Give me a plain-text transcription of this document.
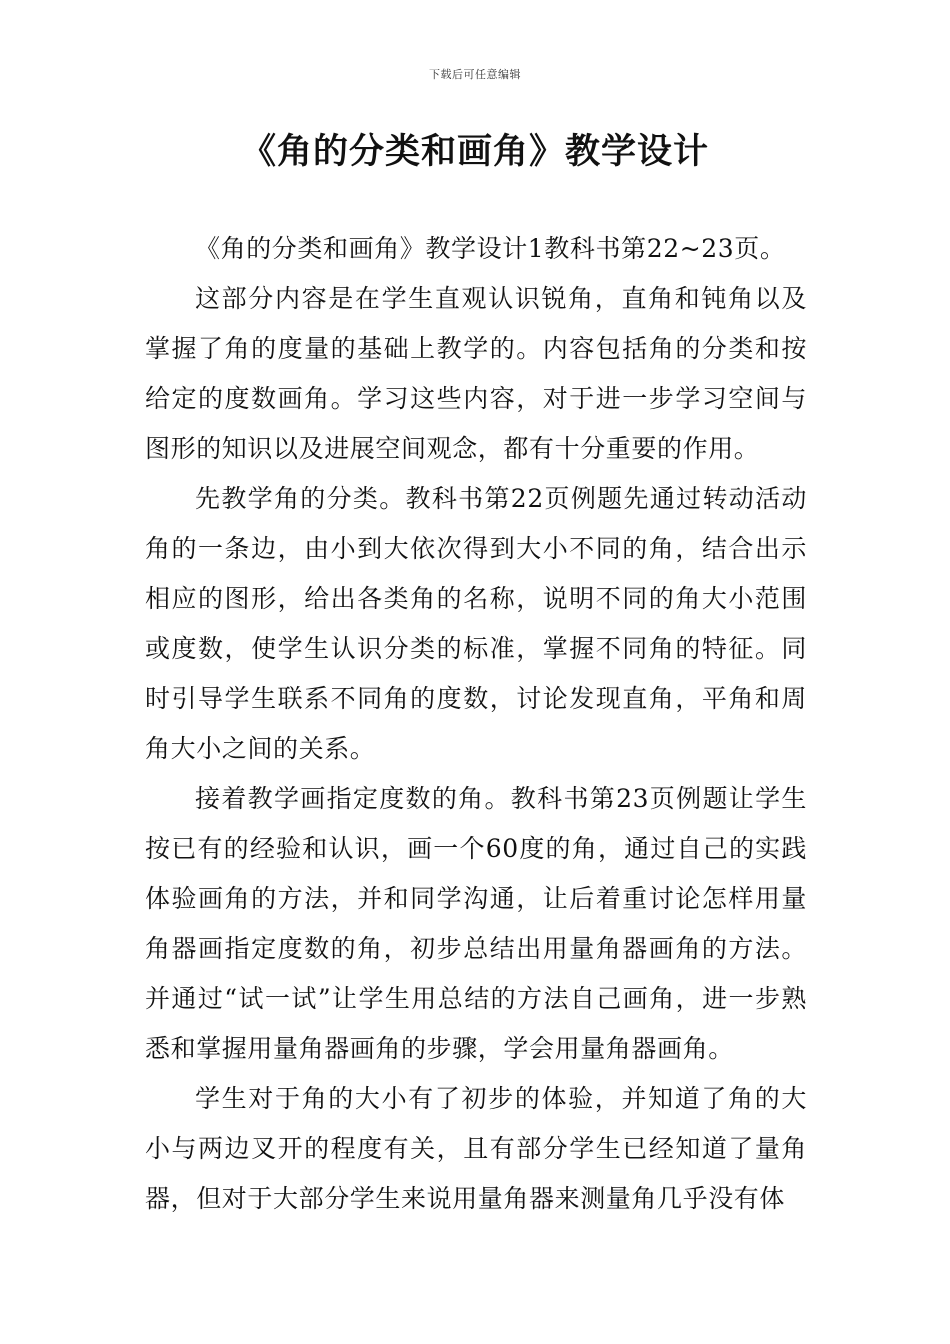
下载后可任意编辑
《角的分类和画角》教学设计

《角的分类和画角》教学设计1教科书第22~23页。

这部分内容是在学生直观认识锐角，直角和钝角以及掌握了角的度量的基础上教学的。内容包括角的分类和按给定的度数画角。学习这些内容，对于进一步学习空间与图形的知识以及进展空间观念，都有十分重要的作用。

先教学角的分类。教科书第22页例题先通过转动活动角的一条边，由小到大依次得到大小不同的角，结合出示相应的图形，给出各类角的名称，说明不同的角大小范围或度数，使学生认识分类的标准，掌握不同角的特征。同时引导学生联系不同角的度数，讨论发现直角，平角和周角大小之间的关系。

接着教学画指定度数的角。教科书第23页例题让学生按已有的经验和认识，画一个60度的角，通过自己的实践体验画角的方法，并和同学沟通，让后着重讨论怎样用量角器画指定度数的角，初步总结出用量角器画角的方法。并通过“试一试”让学生用总结的方法自己画角，进一步熟悉和掌握用量角器画角的步骤，学会用量角器画角。

学生对于角的大小有了初步的体验，并知道了角的大小与两边叉开的程度有关，且有部分学生已经知道了量角器，但对于大部分学生来说用量角器来测量角几乎没有体
